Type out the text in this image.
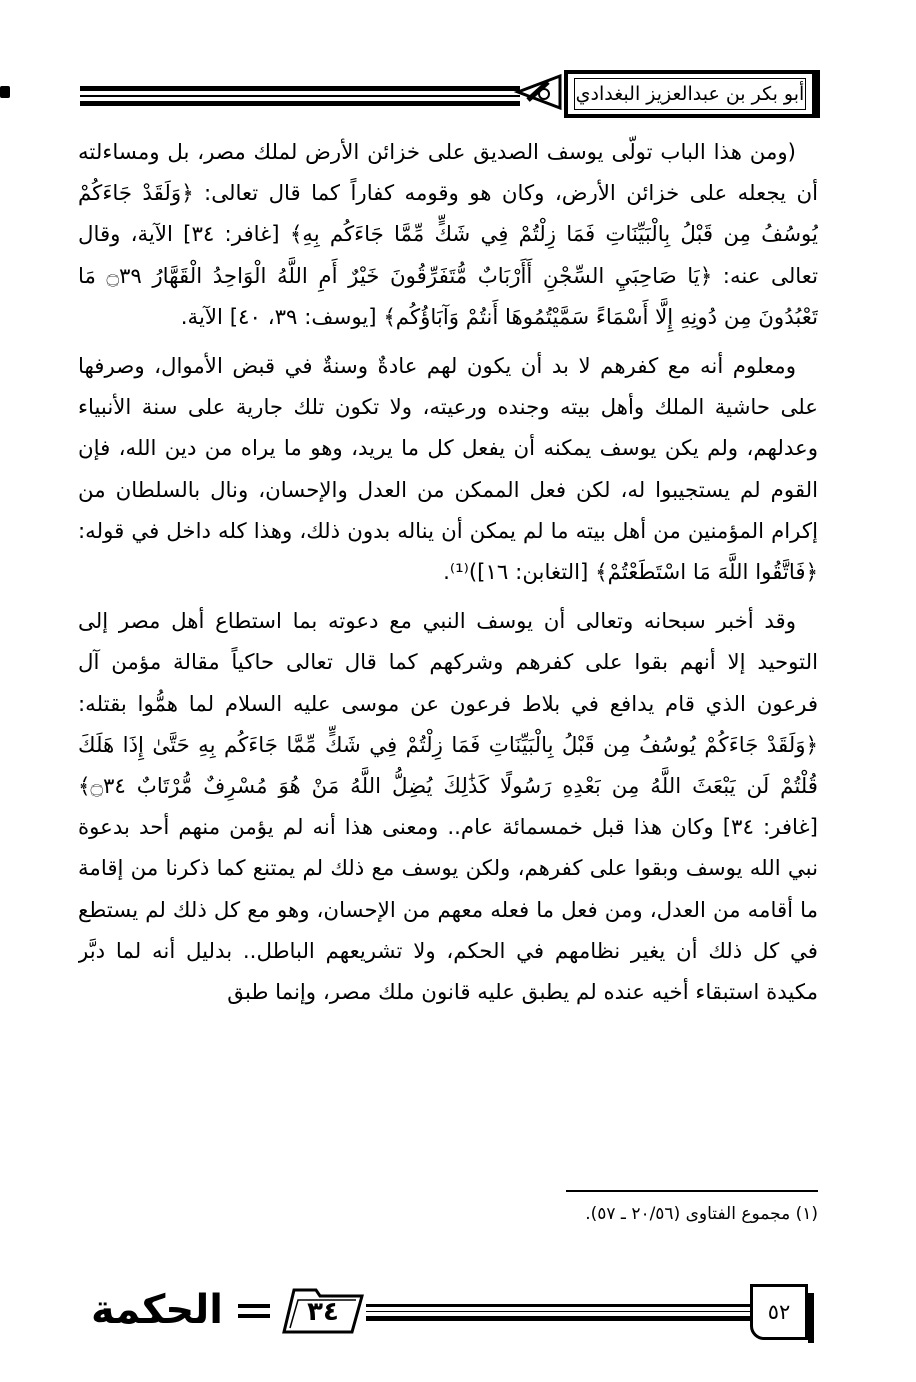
أبو بكر بن عبدالعزيز البغدادي

(ومن هذا الباب تولّى يوسف الصديق على خزائن الأرض لملك مصر، بل ومساءلته أن يجعله على خزائن الأرض، وكان هو وقومه كفاراً كما قال تعالى: ﴿وَلَقَدْ جَاءَكُمْ يُوسُفُ مِن قَبْلُ بِالْبَيِّنَاتِ فَمَا زِلْتُمْ فِي شَكٍّ مِّمَّا جَاءَكُم بِهِ﴾ [غافر: ٣٤] الآية، وقال تعالى عنه: ﴿يَا صَاحِبَيِ السِّجْنِ أَأَرْبَابٌ مُّتَفَرِّقُونَ خَيْرٌ أَمِ اللَّهُ الْوَاحِدُ الْقَهَّارُ ۝٣٩ مَا تَعْبُدُونَ مِن دُونِهِ إِلَّا أَسْمَاءً سَمَّيْتُمُوهَا أَنتُمْ وَآبَاؤُكُم﴾ [يوسف: ٣٩، ٤٠] الآية.

ومعلوم أنه مع كفرهم لا بد أن يكون لهم عادةٌ وسنةٌ في قبض الأموال، وصرفها على حاشية الملك وأهل بيته وجنده ورعيته، ولا تكون تلك جارية على سنة الأنبياء وعدلهم، ولم يكن يوسف يمكنه أن يفعل كل ما يريد، وهو ما يراه من دين الله، فإن القوم لم يستجيبوا له، لكن فعل الممكن من العدل والإحسان، ونال بالسلطان من إكرام المؤمنين من أهل بيته ما لم يمكن أن يناله بدون ذلك، وهذا كله داخل في قوله: ﴿فَاتَّقُوا اللَّهَ مَا اسْتَطَعْتُمْ﴾ [التغابن: ١٦])⁽¹⁾.

وقد أخبر سبحانه وتعالى أن يوسف النبي مع دعوته بما استطاع أهل مصر إلى التوحيد إلا أنهم بقوا على كفرهم وشركهم كما قال تعالى حاكياً مقالة مؤمن آل فرعون الذي قام يدافع في بلاط فرعون عن موسى عليه السلام لما همُّوا بقتله: ﴿وَلَقَدْ جَاءَكُمْ يُوسُفُ مِن قَبْلُ بِالْبَيِّنَاتِ فَمَا زِلْتُمْ فِي شَكٍّ مِّمَّا جَاءَكُم بِهِ حَتَّىٰ إِذَا هَلَكَ قُلْتُمْ لَن يَبْعَثَ اللَّهُ مِن بَعْدِهِ رَسُولًا كَذَٰلِكَ يُضِلُّ اللَّهُ مَنْ هُوَ مُسْرِفٌ مُّرْتَابٌ ۝٣٤﴾ [غافر: ٣٤] وكان هذا قبل خمسمائة عام.. ومعنى هذا أنه لم يؤمن منهم أحد بدعوة نبي الله يوسف وبقوا على كفرهم، ولكن يوسف مع ذلك لم يمتنع كما ذكرنا من إقامة ما أقامه من العدل، ومن فعل ما فعله معهم من الإحسان، وهو مع كل ذلك لم يستطع في كل ذلك أن يغير نظامهم في الحكم، ولا تشريعهم الباطل.. بدليل أنه لما دبَّر مكيدة استبقاء أخيه عنده لم يطبق عليه قانون ملك مصر، وإنما طبق

(١) مجموع الفتاوى (٢٠/٥٦ ـ ٥٧).
الحكمة	٣٤	٥٢
